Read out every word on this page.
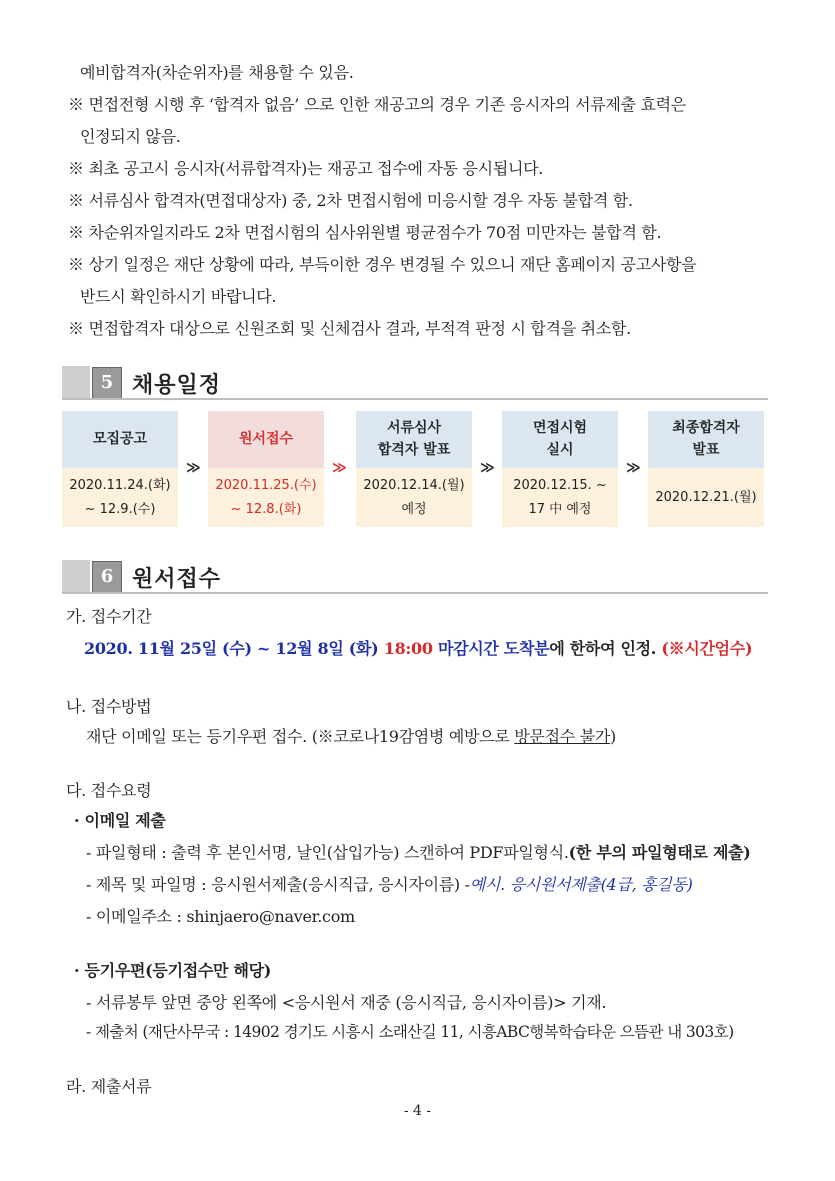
예비합격자(차순위자)를 채용할 수 있음.
※ 면접전형 시행 후 ‘합격자 없음’ 으로 인한 재공고의 경우 기존 응시자의 서류제출 효력은
인정되지 않음.
※ 최초 공고시 응시자(서류합격자)는 재공고 접수에 자동 응시됩니다.
※ 서류심사 합격자(면접대상자) 중, 2차 면접시험에 미응시할 경우 자동 불합격 함.
※ 차순위자일지라도 2차 면접시험의 심사위원별 평균점수가 70점 미만자는 불합격 함.
※ 상기 일정은 재단 상황에 따라, 부득이한 경우 변경될 수 있으니 재단 홈페이지 공고사항을
반드시 확인하시기 바랍니다.
※ 면접합격자 대상으로 신원조회 및 신체검사 결과, 부적격 판정 시 합격을 취소함.
5 채용일정
모집공고
2020.11.24.(화)
~ 12.9.(수)
≫
원서접수
2020.11.25.(수)
~ 12.8.(화)
≫
서류심사
합격자 발표
2020.12.14.(월)
예정
≫
면접시험
실시
2020.12.15. ~
17 中 예정
≫
최종합격자
발표
2020.12.21.(월)
6 원서접수
가. 접수기간
2020. 11월 25일 (수) ~ 12월 8일 (화) 18:00 마감시간 도착분에 한하여 인정. (※시간엄수)
나. 접수방법
재단 이메일 또는 등기우편 접수. (※코로나19감염병 예방으로 방문접수 불가)
다. 접수요령
· 이메일 제출
- 파일형태 : 출력 후 본인서명, 날인(삽입가능) 스캔하여 PDF파일형식.(한 부의 파일형태로 제출)
- 제목 및 파일명 : 응시원서제출(응시직급, 응시자이름) -예시. 응시원서제출(4급, 홍길동)
- 이메일주소 : shinjaero@naver.com
· 등기우편(등기접수만 해당)
- 서류봉투 앞면 중앙 왼쪽에 <응시원서 재중 (응시직급, 응시자이름)> 기재.
- 제출처 (재단사무국 : 14902 경기도 시흥시 소래산길 11, 시흥ABC행복학습타운 으뜸관 내 303호)
라. 제출서류
- 4 -
